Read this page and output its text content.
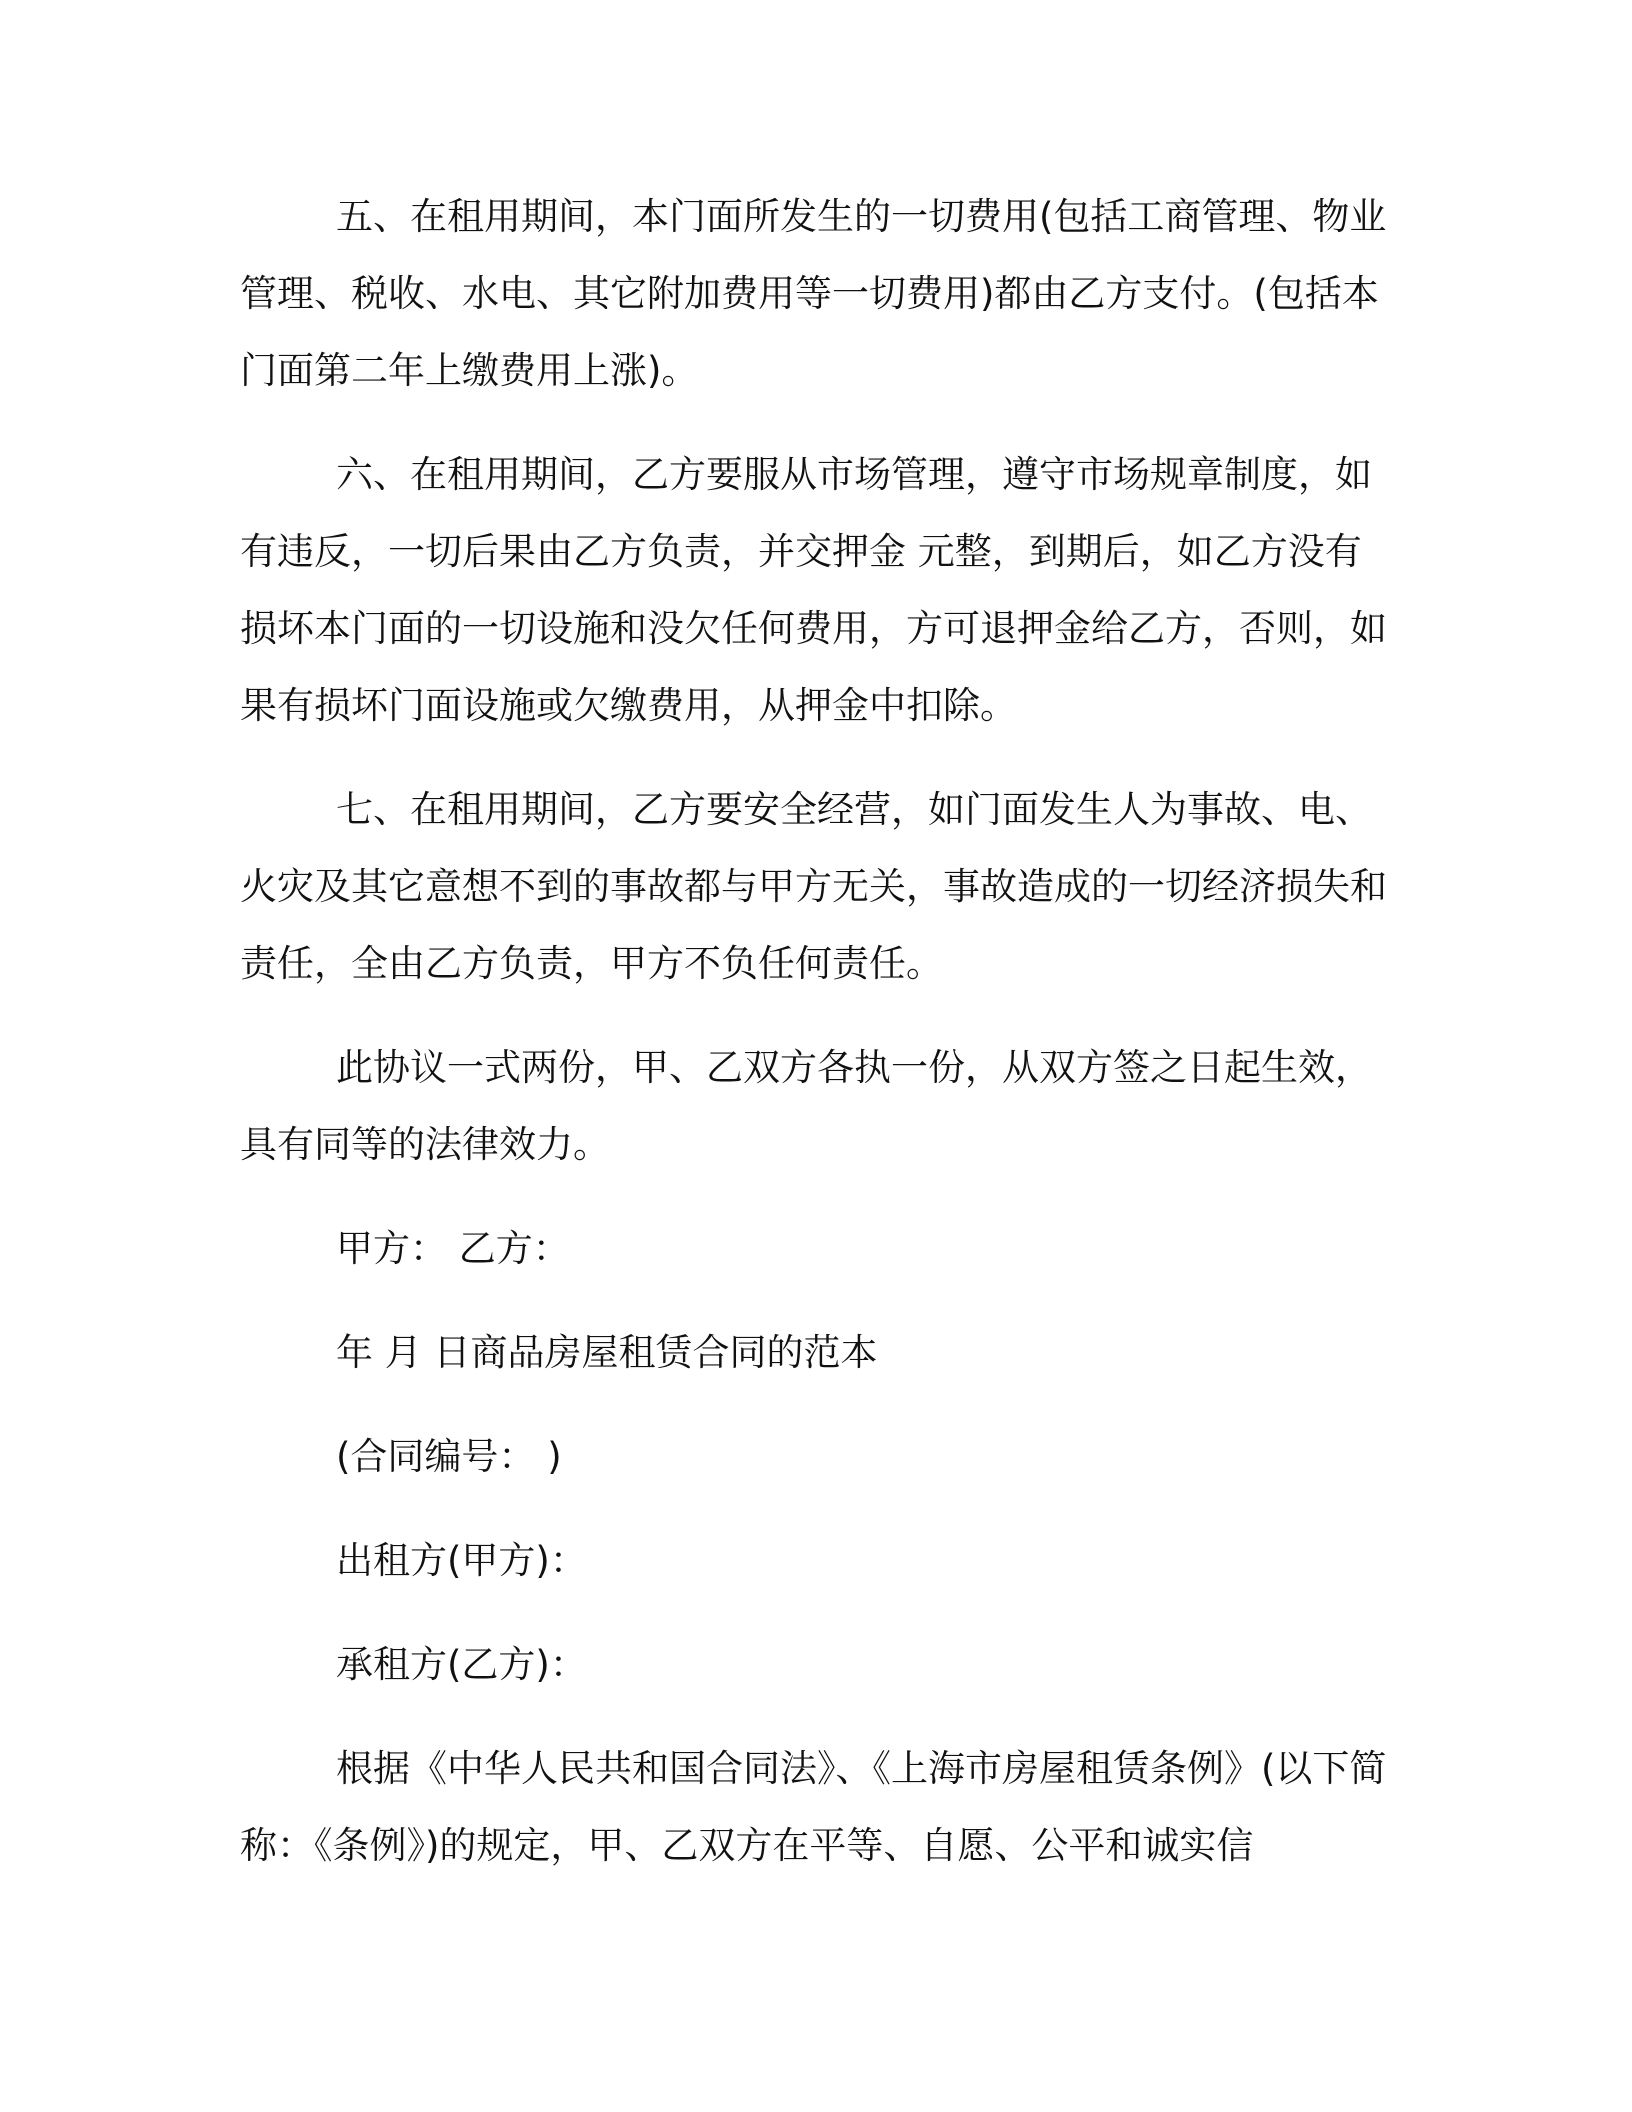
五、在租用期间，本门面所发生的一切费用(包括工商管理、物业管理、税收、水电、其它附加费用等一切费用)都由乙方支付。(包括本门面第二年上缴费用上涨)。

六、在租用期间，乙方要服从市场管理，遵守市场规章制度，如有违反，一切后果由乙方负责，并交押金 元整，到期后，如乙方没有损坏本门面的一切设施和没欠任何费用，方可退押金给乙方，否则，如果有损坏门面设施或欠缴费用，从押金中扣除。

七、在租用期间，乙方要安全经营，如门面发生人为事故、电、火灾及其它意想不到的事故都与甲方无关，事故造成的一切经济损失和责任，全由乙方负责，甲方不负任何责任。

此协议一式两份，甲、乙双方各执一份，从双方签之日起生效，具有同等的法律效力。

甲方： 乙方：

年 月 日商品房屋租赁合同的范本

(合同编号： )

出租方(甲方)：

承租方(乙方)：

根据《中华人民共和国合同法》、《上海市房屋租赁条例》(以下简称：《条例》)的规定，甲、乙双方在平等、自愿、公平和诚实信
